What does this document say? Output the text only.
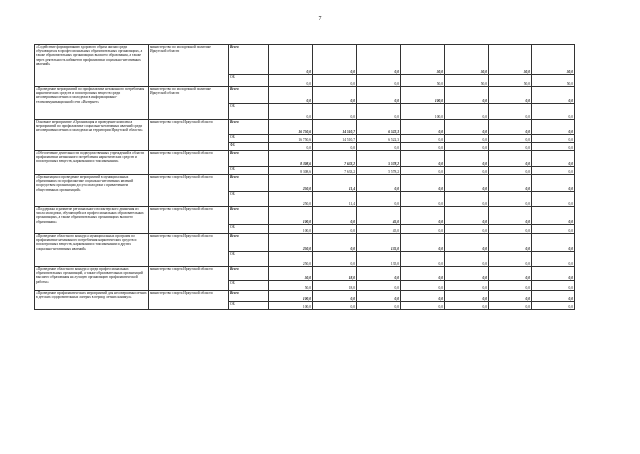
7
«Содействие формированию здорового образа жизни среди обучающихся в профессиональных образовательных организациях, а также образовательных организациях высшего образования, а также через деятельность кабинетов профилактики социально-негативных явлений»	министерство по молодежной политике Иркутской области	Всего	0,0	0,0	0,0	50,0	50,0	50,0	50,0
		ОБ	0,0	0,0	0,0	50,0	50,0	50,0	50,0
«Проведение мероприятий по профилактике незаконного потребления наркотических средств и психотропных веществ среди несовершеннолетних и молодежи в информационно-телекоммуникационной сети «Интернет»	министерство по молодежной политике Иркутской области	Всего	0,0	0,0	0,0	100,0	0,0	0,0	0,0
		ОБ	0,0	0,0	0,0	100,0	0,0	0,0	0,0
Основное мероприятие «Организация и проведение комплекса мероприятий по профилактике социально-негативных явлений среди несовершеннолетних и молодежи на территории Иркутской области»	министерство спорта Иркутской области	Всего	16 750,6	14 510,7	6 522,3	0,0	0,0	0,0	0,0
		ОБ	16 750,6	14 510,7	6 522,3	0,0	0,0	0,0	0,0
		ФБ	0,0	0,0	0,0	0,0	0,0	0,0	0,0
«Обеспечение деятельности подведомственных учреждений в области профилактики незаконного потребления наркотических средств и психотропных веществ, наркомании и токсикомании»	министерство спорта Иркутской области	Всего	8 308,6	7 633,2	5 578,2	0,0	0,0	0,0	0,0
		ОБ	8 308,6	7 633,2	5 578,2	0,0	0,0	0,0	0,0
«Организация и проведение мероприятий в муниципальных образованиях по профилактике социально-негативных явлений посредством организации досуга молодежи с привлечением общественных организаций»	министерство спорта Иркутской области	Всего	250,0	11,4	0,0	0,0	0,0	0,0	0,0
		ОБ	250,0	11,4	0,0	0,0	0,0	0,0	0,0
«Поддержка и развитие регионального волонтерского движения из числа молодежи, обучающейся в профессиональных образовательных организациях, а также образовательных организациях высшего образования»	министерство спорта Иркутской области	Всего	100,0	0,0	45,0	0,0	0,0	0,0	0,0
		ОБ	100,0	0,0	45,0	0,0	0,0	0,0	0,0
«Проведение областного конкурса муниципальных программ по профилактике незаконного потребления наркотических средств и психотропных веществ, наркомании и токсикомании и других социально-негативных явлений»	министерство спорта Иркутской области	Всего	250,0	0,0	135,0	0,0	0,0	0,0	0,0
		ОБ	250,0	0,0	135,0	0,0	0,0	0,0	0,0
«Проведение областного конкурса среди профессиональных образовательных организаций, а также образовательных организаций высшего образования на лучшую организацию профилактической работы»	министерство спорта Иркутской области	Всего	50,0	18,0	0,0	0,0	0,0	0,0	0,0
		ОБ	50,0	18,0	0,0	0,0	0,0	0,0	0,0
«Проведение профилактических мероприятий для несовершеннолетних в детских оздоровительных лагерях в период летних каникул»	министерство спорта Иркутской области	Всего	100,0	0,0	0,0	0,0	0,0	0,0	0,0
		ОБ	100,0	0,0	0,0	0,0	0,0	0,0	0,0
